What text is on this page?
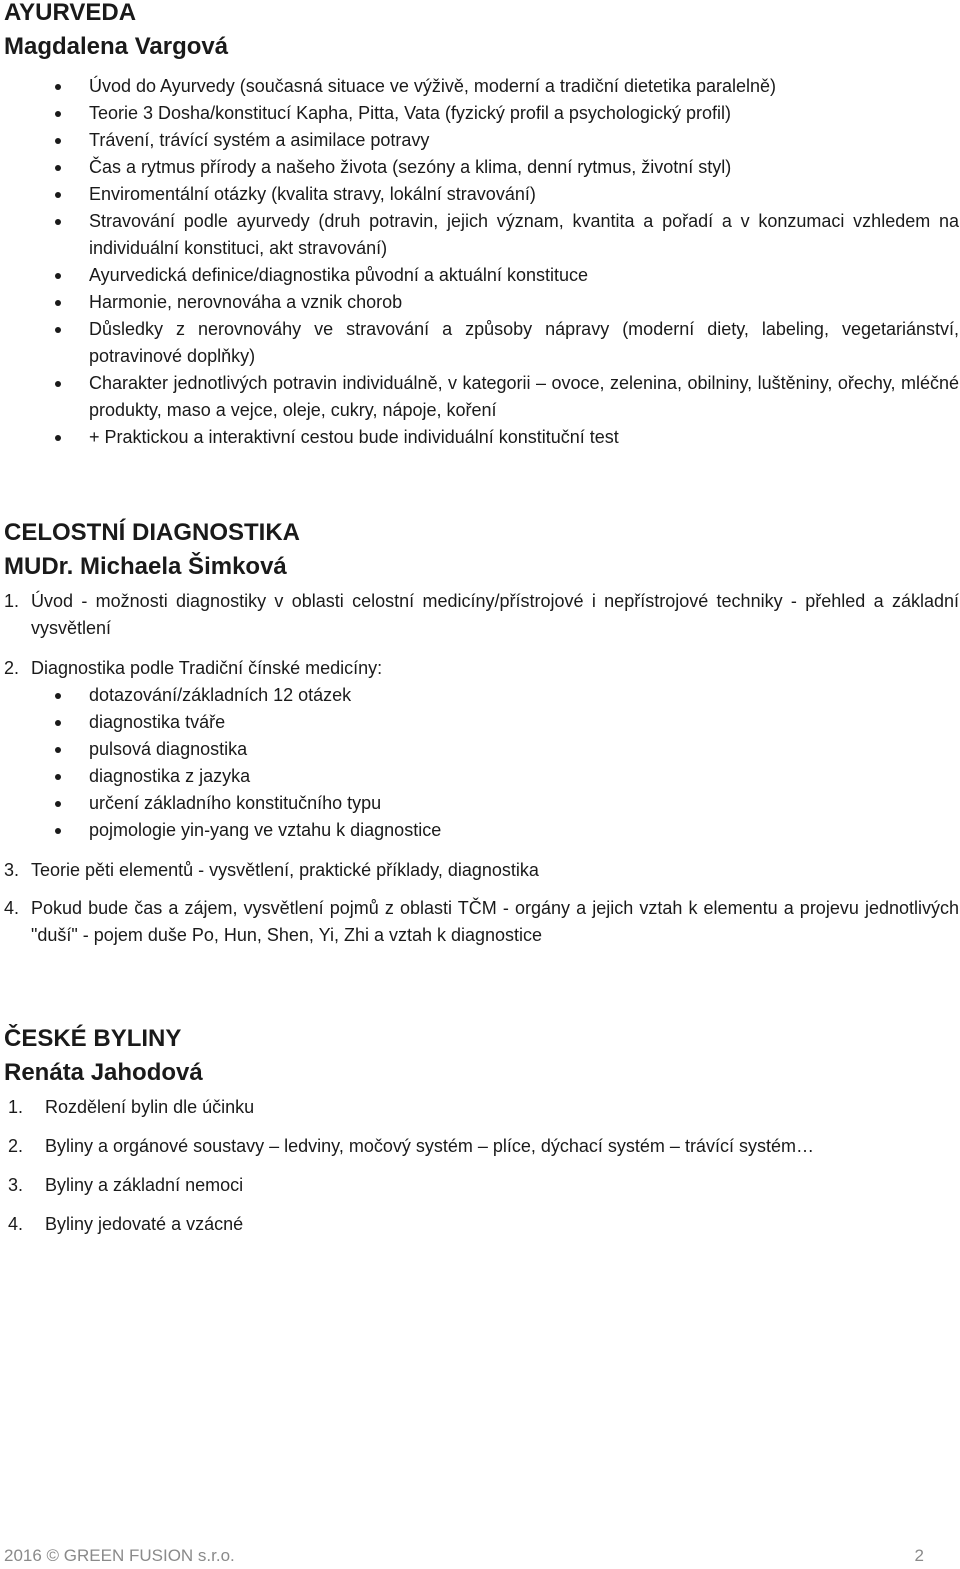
AYURVEDA
Magdalena Vargová
Úvod do Ayurvedy (současná situace ve výživě, moderní a tradiční dietetika paralelně)
Teorie 3 Dosha/konstitucí Kapha, Pitta, Vata (fyzický profil a psychologický profil)
Trávení, trávící systém a asimilace potravy
Čas a rytmus přírody a našeho života (sezóny a klima, denní rytmus, životní styl)
Enviromentální otázky (kvalita stravy, lokální stravování)
Stravování podle ayurvedy (druh potravin, jejich význam, kvantita a pořadí a v konzumaci vzhledem na individuální konstituci, akt stravování)
Ayurvedická definice/diagnostika původní a aktuální konstituce
Harmonie, nerovnováha a vznik chorob
Důsledky z nerovnováhy ve stravování a způsoby nápravy (moderní diety, labeling, vegetariánství, potravinové doplňky)
Charakter jednotlivých potravin individuálně, v kategorii – ovoce, zelenina, obilniny, luštěniny, ořechy, mléčné produkty, maso a vejce, oleje, cukry, nápoje, koření
+ Praktickou a interaktivní cestou bude individuální konstituční test
CELOSTNÍ DIAGNOSTIKA
MUDr. Michaela Šimková
1. Úvod - možnosti diagnostiky v oblasti celostní medicíny/přístrojové i nepřístrojové techniky - přehled a základní vysvětlení
2. Diagnostika podle Tradiční čínské medicíny:
dotazování/základních 12 otázek
diagnostika tváře
pulsová diagnostika
diagnostika z jazyka
určení základního konstitučního typu
pojmologie yin-yang ve vztahu k diagnostice
3. Teorie pěti elementů - vysvětlení, praktické příklady, diagnostika
4. Pokud bude čas a zájem, vysvětlení pojmů z oblasti TČM - orgány a jejich vztah k elementu a projevu jednotlivých "duší" - pojem duše Po, Hun, Shen, Yi, Zhi a vztah k diagnostice
ČESKÉ BYLINY
Renáta Jahodová
1. Rozdělení bylin dle účinku
2. Byliny a orgánové soustavy – ledviny, močový systém – plíce, dýchací systém – trávící systém…
3. Byliny a základní nemoci
4. Byliny jedovaté a vzácné
2016 © GREEN FUSION s.r.o.	2
